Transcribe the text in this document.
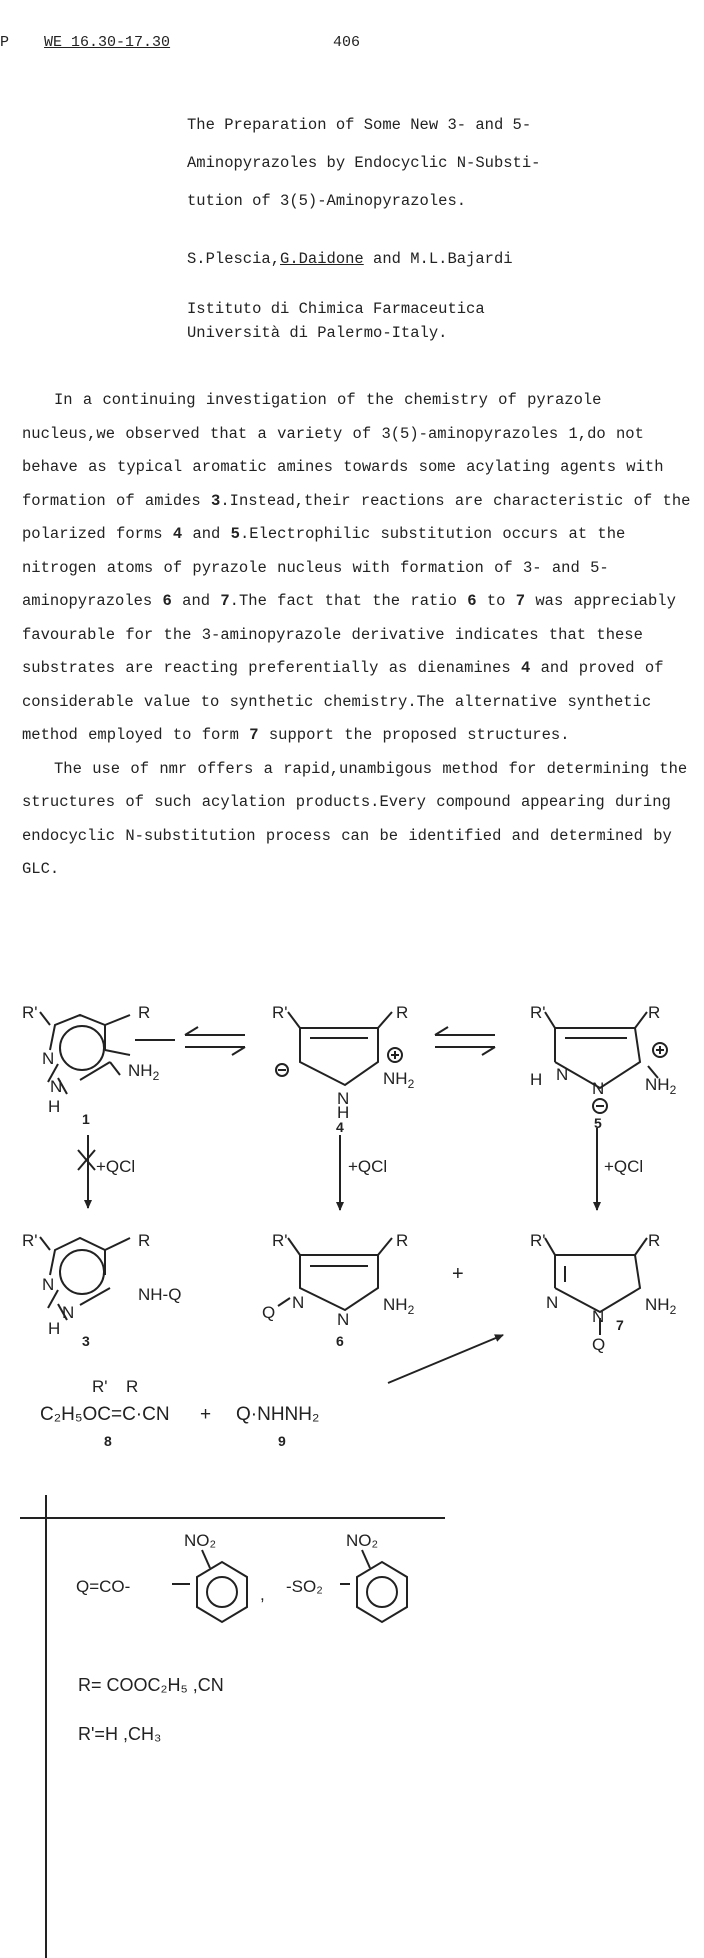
P WE 16.30-17.30	406
The Preparation of Some New 3- and 5-
Aminopyrazoles by Endocyclic N-Substi-
tution of 3(5)-Aminopyrazoles.
S.Plescia,G.Daidone and M.L.Bajardi
Istituto di Chimica Farmaceutica
Università di Palermo-Italy.

In a continuing investigation of the chemistry of pyrazole nucleus,we observed that a variety of 3(5)-aminopyrazoles 1,do not behave as typical aromatic amines towards some acylating agents with formation of amides 3.Instead,their reactions are characteristic of the polarized forms 4 and 5.Electrophilic substitution occurs at the nitrogen atoms of pyrazole nucleus with formation of 3- and 5-aminopyrazoles 6 and 7.The fact that the ratio 6 to 7 was appreciably favourable for the 3-aminopyrazole derivative indicates that these substrates are reacting preferentially as dienamines 4 and proved of considerable value to synthetic chemistry.The alternative synthetic method employed to form 7 support the proposed structures.

The use of nmr offers a rapid,unambigous method for determining the structures of such acylation products.Every compound appearing during endocyclic N-substitution process can be identified and determined by GLC.

R'	R
N
N
H
$NH_2$
1
R'	R
$NH_2$
N
H
4
R'	R
N
H	$NH_2$
N
5
+QCl	+QCl	+QCl
R'	R
N
N
H
NH-Q
3
R'	R
Q
N
N
$NH_2$
6
+
R'	R
N
N
$NH_2$
7
Q
R' R
C₂H₅OC=C·CN + Q·NHNH₂
8	9
Q=CO-
NO₂
, -SO₂
NO₂
R= COOC₂H₅ ,CN
R'=H ,CH₃
